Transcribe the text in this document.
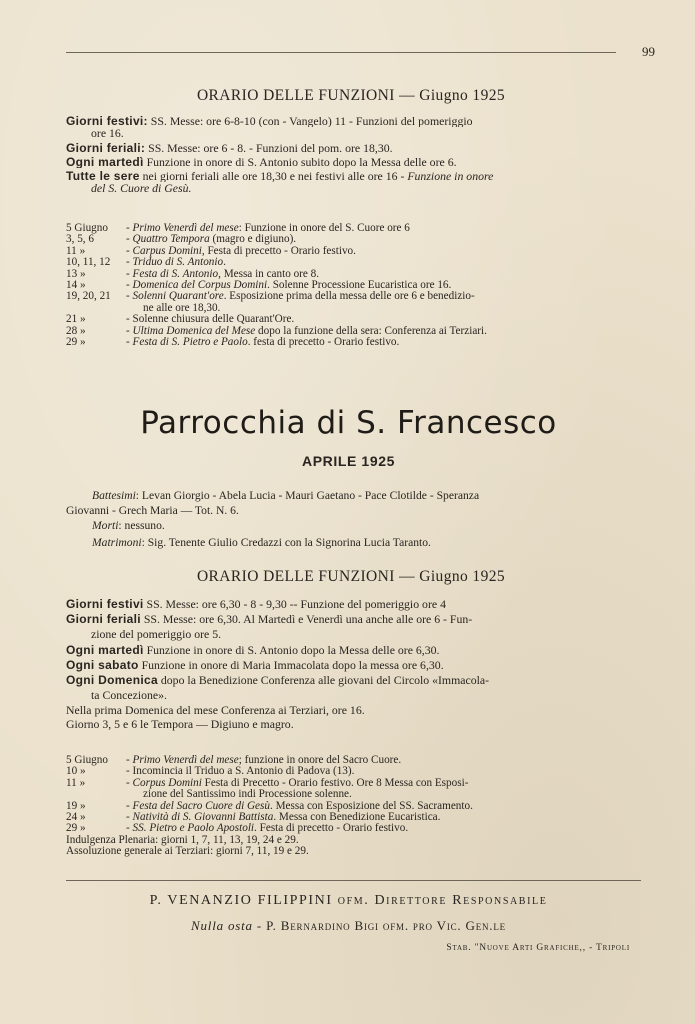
99
ORARIO DELLE FUNZIONI — Giugno 1925
Giorni festivi: SS. Messe: ore 6-8-10 (con - Vangelo) 11 - Funzioni del pomeriggio
ore 16.
Giorni feriali: SS. Messe: ore 6 - 8. - Funzioni del pom. ore 18,30.
Ogni martedì Funzione in onore di S. Antonio subito dopo la Messa delle ore 6.
Tutte le sere nei giorni feriali alle ore 18,30 e nei festivi alle ore 16 - Funzione in onore
del S. Cuore di Gesù.
5 Giugno	- Primo Venerdì del mese: Funzione in onore del S. Cuore ore 6
3, 5, 6	- Quattro Tempora (magro e digiuno).
11 »	- Carpus Domini, Festa di precetto - Orario festivo.
10, 11, 12	- Triduo di S. Antonio.
13 »	- Festa di S. Antonio, Messa in canto ore 8.
14 »	- Domenica del Corpus Domini. Solenne Processione Eucaristica ore 16.
19, 20, 21	- Solenni Quarant'ore. Esposizione prima della messa delle ore 6 e benedizio-
ne alle ore 18,30.
21 »	- Solenne chiusura delle Quarant'Ore.
28 »	- Ultima Domenica del Mese dopo la funzione della sera: Conferenza ai Terziari.
29 »	- Festa di S. Pietro e Paolo. festa di precetto - Orario festivo.
Parrocchia di S. Francesco
APRILE 1925
Battesimi: Levan Giorgio - Abela Lucia - Mauri Gaetano - Pace Clotilde - Speranza
Giovanni - Grech Maria — Tot. N. 6.
Morti: nessuno.
Matrimoni: Sig. Tenente Giulio Credazzi con la Signorina Lucia Taranto.
ORARIO DELLE FUNZIONI — Giugno 1925
Giorni festivi SS. Messe: ore 6,30 - 8 - 9,30 -- Funzione del pomeriggio ore 4
Giorni feriali SS. Messe: ore 6,30. Al Martedì e Venerdì una anche alle ore 6 - Fun-
zione del pomeriggio ore 5.
Ogni martedì Funzione in onore di S. Antonio dopo la Messa delle ore 6,30.
Ogni sabato Funzione in onore di Maria Immacolata dopo la messa ore 6,30.
Ogni Domenica dopo la Benedizione Conferenza alle giovani del Circolo «Immacola-
ta Concezione».
Nella prima Domenica del mese Conferenza ai Terziari, ore 16.
Giorno 3, 5 e 6 le Tempora — Digiuno e magro.
5 Giugno	- Primo Venerdì del mese; funzione in onore del Sacro Cuore.
10 »	- Incomincia il Triduo a S. Antonio di Padova (13).
11 »	- Corpus Domini Festa di Precetto - Orario festivo. Ore 8 Messa con Esposi-
zione del Santissimo indi Processione solenne.
19 »	- Festa del Sacro Cuore di Gesù. Messa con Esposizione del SS. Sacramento.
24 »	- Natività di S. Giovanni Battista. Messa con Benedizione Eucaristica.
29 »	- SS. Pietro e Paolo Apostoli. Festa di precetto - Orario festivo.
Indulgenza Plenaria: giorni 1, 7, 11, 13, 19, 24 e 29.
Assoluzione generale ai Terziari: giorni 7, 11, 19 e 29.
P. VENANZIO FILIPPINI ofm. Direttore Responsabile
Nulla osta - P. Bernardino Bigi ofm. pro Vic. Gen.le
Stab. "Nuove Arti Grafiche,, - Tripoli
